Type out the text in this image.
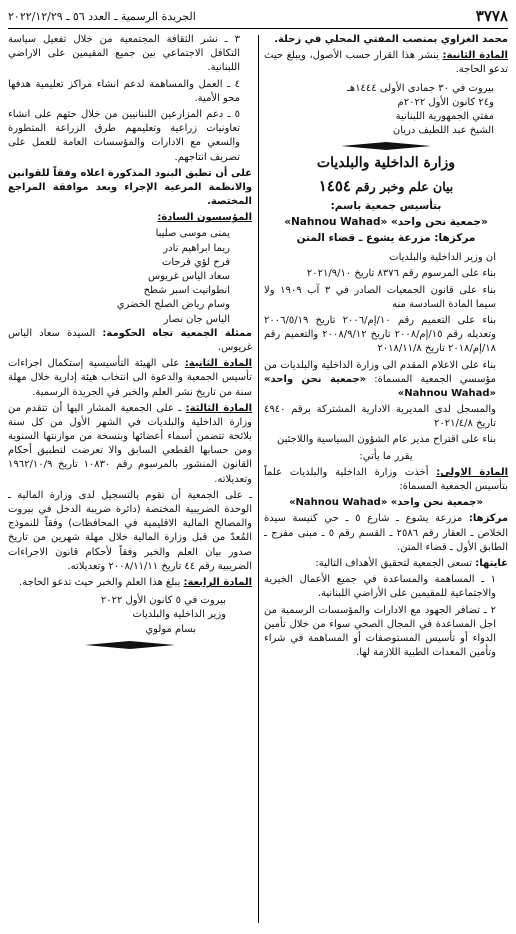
٣٧٧٨
الجريدة الرسمية ـ العدد ٥٦ ـ ٢٠٢٢/١٢/٢٩

محمد الغزاوي بمنصب المفتي المحلي في زحلة.

المادة الثانية: ينشر هذا القرار حسب الأصول، ويبلغ حيث تدعو الحاجة.

بيروت في ٣٠ جمادى الأولى ١٤٤٤هـ

و٢٤ كانون الأول ٢٠٢٢م

مفتي الجمهورية اللبنانية

الشيخ عبد اللطيف دريان

وزارة الداخلية والبلديات
بيان علم وخبر رقم ١٤٥٤
بتأسيس جمعية باسم:
«جمعية نحن واحد» «Nahnou Wahad»
مركزها: مزرعة يشوع ـ قضاء المتن

ان وزير الداخلية والبلديات

بناء على المرسوم رقم ٨٣٧٦ تاريخ ٢٠٢١/٩/١٠

بناء على قانون الجمعيات الصادر في ٣ آب ١٩٠٩ ولا سيما المادة السادسة منه

بناء على التعميم رقم ١٠/إم/٢٠٠٦ تاريخ ٢٠٠٦/٥/١٩ وتعديله رقم ١٥/إم/٢٠٠٨ تاريخ ٢٠٠٨/٩/١٢ والتعميم رقم ١٨/إم/٢٠١٨ تاريخ ٢٠١٨/١١/٨

بناء على الاعلام المقدم الى وزارة الداخلية والبلديات من مؤسسي الجمعية المسماة: «جمعية نحن واحد» «Nahnou Wahad»

والمسجل لدى المديرية الادارية المشتركة برقم ٤٩٤٠ تاريخ ٢٠٢١/٤/٨

بناء على اقتراح مدير عام الشؤون السياسية واللاجئين

يقرر ما يأتي:

المادة الاولى: أخذت وزارة الداخلية والبلديات علماً بتأسيس الجمعية المسماة:

«جمعية نحن واحد» «Nahnou Wahad»

مركزها: مزرعة يشوع ـ شارع ٥ ـ حي كنيسة سيدة الخلاص ـ العقار رقم ٢٥٨٦ ـ القسم رقم ٥ ـ مبنى مفرج ـ الطابق الأول ـ قضاء المتن.

غايتها: تسعى الجمعية لتحقيق الأهداف التالية:

١ ـ المساهمة والمساعدة في جميع الأعمال الخيرية والاجتماعية للمقيمين على الأراضي اللبنانية.

٢ ـ تضافر الجهود مع الادارات والمؤسسات الرسمية من اجل المساعدة في المجال الصحي سواء من خلال تأمين الدواء أو تأسيس المستوصفات أو المساهمة في شراء وتأمين المعدات الطبية اللازمة لها.

٣ ـ نشر الثقافة المجتمعية من خلال تفعيل سياسة التكافل الاجتماعي بين جميع المقيمين على الاراضي اللبنانية.

٤ ـ العمل والمساهمة لدعم انشاء مراكز تعليمية هدفها محو الأمية.

٥ ـ دعم المزارعين اللبنانيين من خلال حثهم على انشاء تعاونيات زراعية وتعليمهم طرق الزراعة المتطورة والسعي مع الادارات والمؤسسات العامة للعمل على تصريف انتاجهم.

على أن تطبق البنود المذكورة اعلاه وفقاً للقوانين والانظمة المرعية الإجراء وبعد موافقة المراجع المختصة.

المؤسسون السادة:

يمنى موسى صليبا

ريما ابراهيم نادر

فرح لؤي فرحات

سعاد الياس غريوس

انطوانيت اسبر شطح

وسام رياض الصلح الخضري

الياس جان نصار

ممثلة الجمعية تجاه الحكومة: السيدة سعاد الياس غريوس.

المادة الثانية: على الهيئة التأسيسية إستكمال اجراءات تأسيس الجمعية والدعوة الى انتخاب هيئة إدارية خلال مهلة سنة من تاريخ نشر العلم والخبر في الجريدة الرسمية.

المادة الثالثة: ـ على الجمعية المشار اليها أن تتقدم من وزارة الداخلية والبلديات في الشهر الأول من كل سنة بلائحة تتضمن أسماء أعضائها وبنسخة من موازنتها السنوية ومن حسابها القطعي السابق والا تعرضت لتطبيق أحكام القانون المنشور بالمرسوم رقم ١٠٨٣٠ تاريخ ١٩٦٢/١٠/٩ وتعديلاته.

ـ على الجمعية أن تقوم بالتسجيل لدى وزارة المالية ـ الوحدة الضريبية المختصة (دائرة ضريبة الدخل في بيروت والمصالح المالية الاقليمية في المحافظات) وفقاً للنموذج المُعدّ من قبل وزارة المالية خلال مهلة شهرين من تاريخ صدور بيان العلم والخبر وفقاً لأحكام قانون الاجراءات الضريبية رقم ٤٤ تاريخ ٢٠٠٨/١١/١١ وتعديلاته.

المادة الرابعة: يبلغ هذا العلم والخبر حيث تدعو الحاجة.

بيروت في ٥ كانون الأول ٢٠٢٢

وزير الداخلية والبلديات

بسام مولوي
